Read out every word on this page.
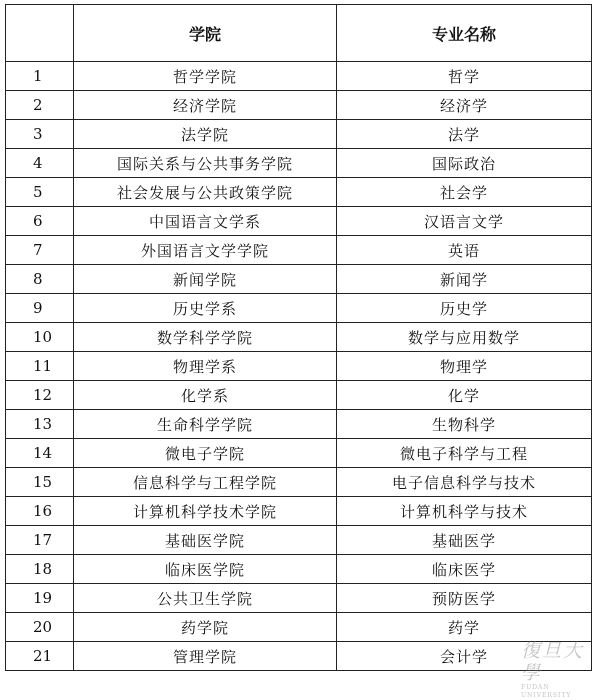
	学院	专业名称
1	哲学学院	哲学
2	经济学院	经济学
3	法学院	法学
4	国际关系与公共事务学院	国际政治
5	社会发展与公共政策学院	社会学
6	中国语言文学系	汉语言文学
7	外国语言文学学院	英语
8	新闻学院	新闻学
9	历史学系	历史学
10	数学科学学院	数学与应用数学
11	物理学系	物理学
12	化学系	化学
13	生命科学学院	生物科学
14	微电子学院	微电子科学与工程
15	信息科学与工程学院	电子信息科学与技术
16	计算机科学技术学院	计算机科学与技术
17	基础医学院	基础医学
18	临床医学院	临床医学
19	公共卫生学院	预防医学
20	药学院	药学
21	管理学院	会计学 復旦大學
FUDAN UNIVERSITY
